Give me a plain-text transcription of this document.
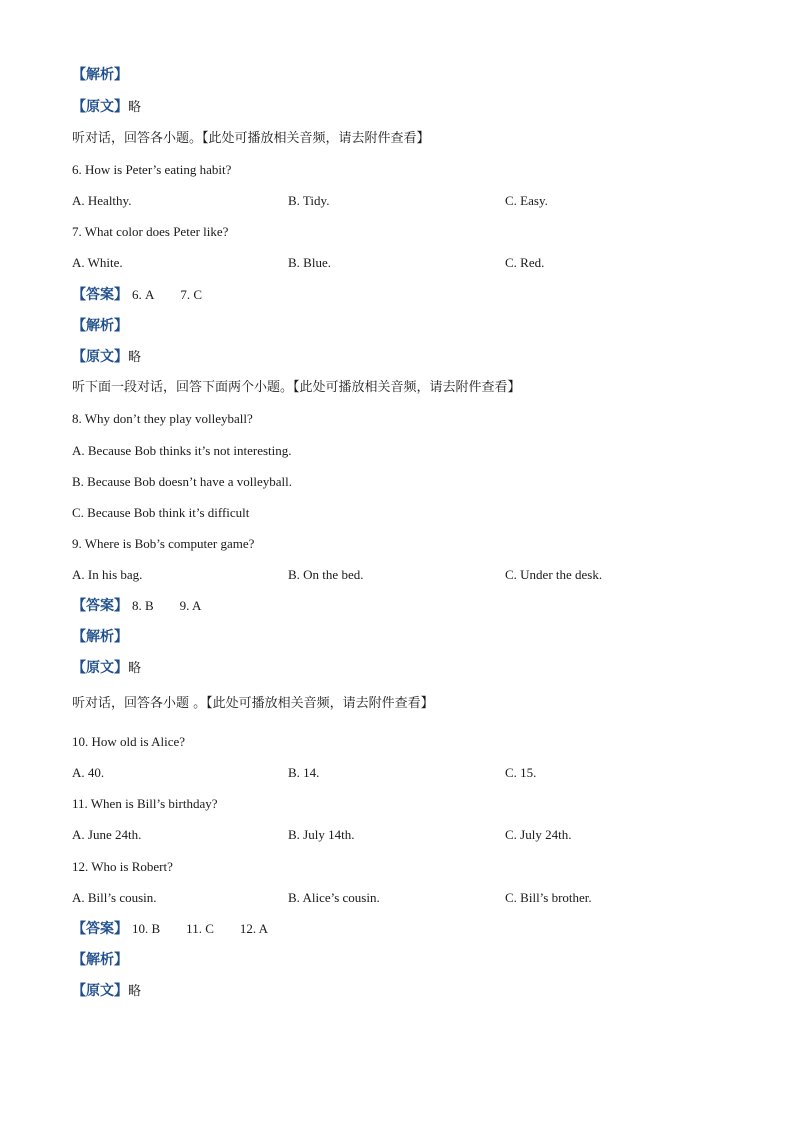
【解析】
【原文】略
听对话，回答各小题。【此处可播放相关音频，请去附件查看】
6. How is Peter’s eating habit?
A. Healthy.	B. Tidy.	C. Easy.
7. What color does Peter like?
A. White.	B. Blue.	C. Red.
【答案】 6. A 7. C
【解析】
【原文】略
听下面一段对话，回答下面两个小题。【此处可播放相关音频，请去附件查看】
8. Why don’t they play volleyball?
A. Because Bob thinks it’s not interesting.
B. Because Bob doesn’t have a volleyball.
C. Because Bob think it’s difficult
9. Where is Bob’s computer game?
A. In his bag.	B. On the bed.	C. Under the desk.
【答案】 8. B 9. A
【解析】
【原文】略
听对话，回答各小题 。【此处可播放相关音频，请去附件查看】
10. How old is Alice?
A. 40.	B. 14.	C. 15.
11. When is Bill’s birthday?
A. June 24th.	B. July 14th.	C. July 24th.
12. Who is Robert?
A. Bill’s cousin.	B. Alice’s cousin.	C. Bill’s brother.
【答案】 10. B 11. C 12. A
【解析】
【原文】略
